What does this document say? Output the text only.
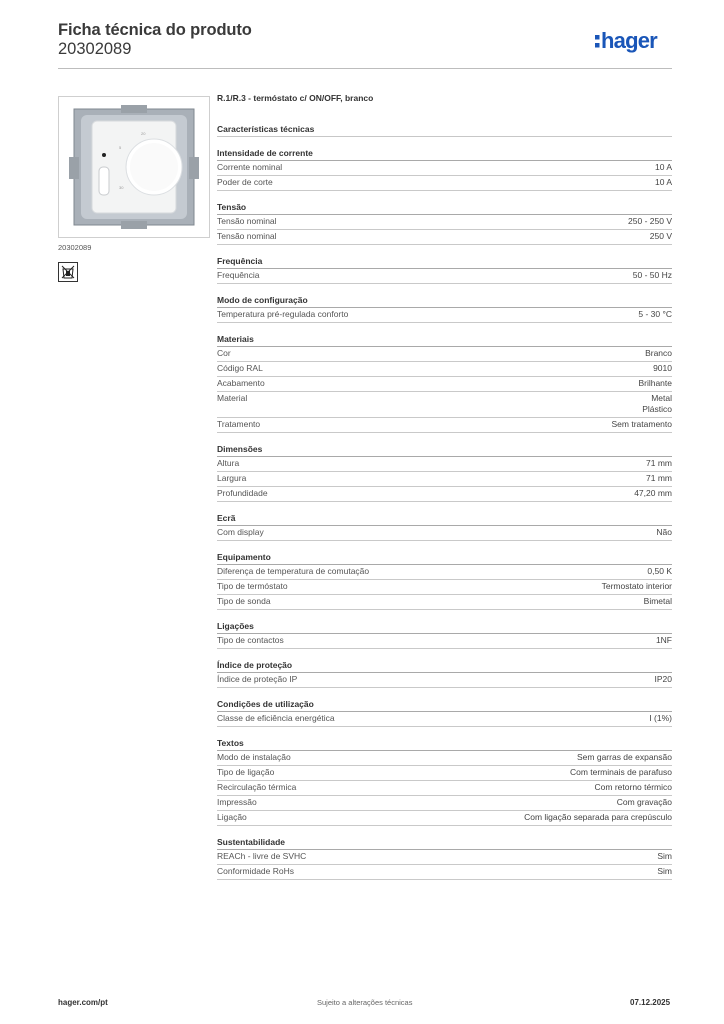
Ficha técnica do produto
20302089	hager
5
20
30
20302089
R.1/R.3 - termóstato c/ ON/OFF, branco
Características técnicas
Intensidade de corrente
Corrente nominal	10 A
Poder de corte	10 A
Tensão
Tensão nominal	250 - 250 V
Tensão nominal	250 V
Frequência
Frequência	50 - 50 Hz
Modo de configuração
Temperatura pré-regulada conforto	5 - 30 °C
Materiais
Cor	Branco
Código RAL	9010
Acabamento	Brilhante
Material	Metal
Plástico
Tratamento	Sem tratamento
Dimensões
Altura	71 mm
Largura	71 mm
Profundidade	47,20 mm
Ecrã
Com display	Não
Equipamento
Diferença de temperatura de comutação	0,50 K
Tipo de termóstato	Termostato interior
Tipo de sonda	Bimetal
Ligações
Tipo de contactos	1NF
Índice de proteção
Índice de proteção IP	IP20
Condições de utilização
Classe de eficiência energética	I (1%)
Textos
Modo de instalação	Sem garras de expansão
Tipo de ligação	Com terminais de parafuso
Recirculação térmica	Com retorno térmico
Impressão	Com gravação
Ligação	Com ligação separada para crepúsculo
Sustentabilidade
REACh - livre de SVHC	Sim
Conformidade RoHs	Sim
hager.com/pt	Sujeito a alterações técnicas	07.12.2025
